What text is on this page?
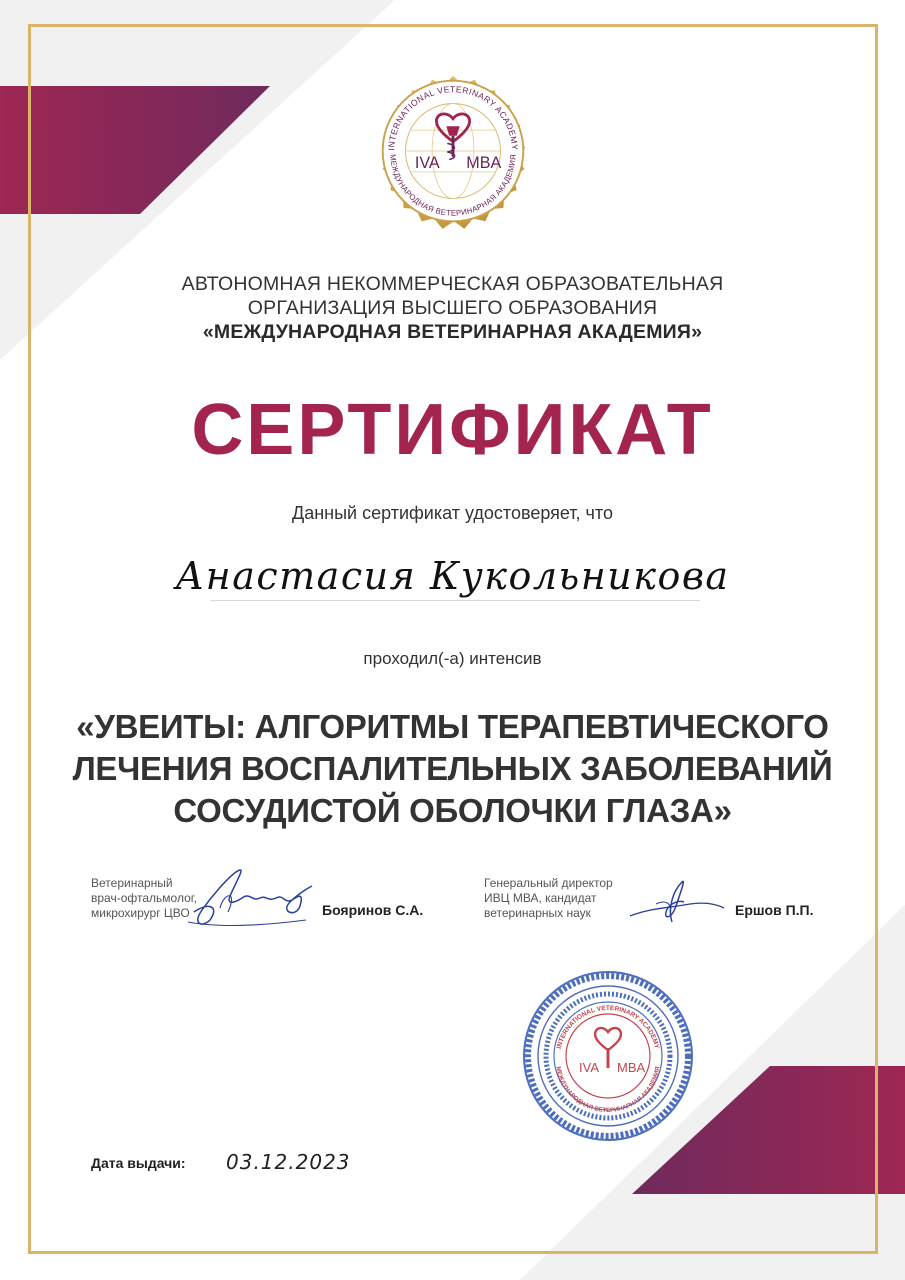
INTERNATIONAL VETERINARY ACADEMY
МЕЖДУНАРОДНАЯ ВЕТЕРИНАРНАЯ АКАДЕМИЯ
IVA MBA
АВТОНОМНАЯ НЕКОММЕРЧЕСКАЯ ОБРАЗОВАТЕЛЬНАЯ
ОРГАНИЗАЦИЯ ВЫСШЕГО ОБРАЗОВАНИЯ
«МЕЖДУНАРОДНАЯ ВЕТЕРИНАРНАЯ АКАДЕМИЯ»
СЕРТИФИКАТ
Данный сертификат удостоверяет, что
Анастасия Кукольникова
проходил(-а) интенсив
«УВЕИТЫ: АЛГОРИТМЫ ТЕРАПЕВТИЧЕСКОГО
ЛЕЧЕНИЯ ВОСПАЛИТЕЛЬНЫХ ЗАБОЛЕВАНИЙ
СОСУДИСТОЙ ОБОЛОЧКИ ГЛАЗА»
Ветеринарный
врач-офтальмолог,
микрохирург ЦВО	Бояринов С.А.
Генеральный директор
ИВЦ МВА, кандидат
ветеринарных наук	Ершов П.П.
INTERNATIONAL VETERINARY ACADEMY
МЕЖДУНАРОДНАЯ ВЕТЕРИНАРНАЯ АКАДЕМИЯ
IVA MBA
Дата выдачи: 03.12.2023
